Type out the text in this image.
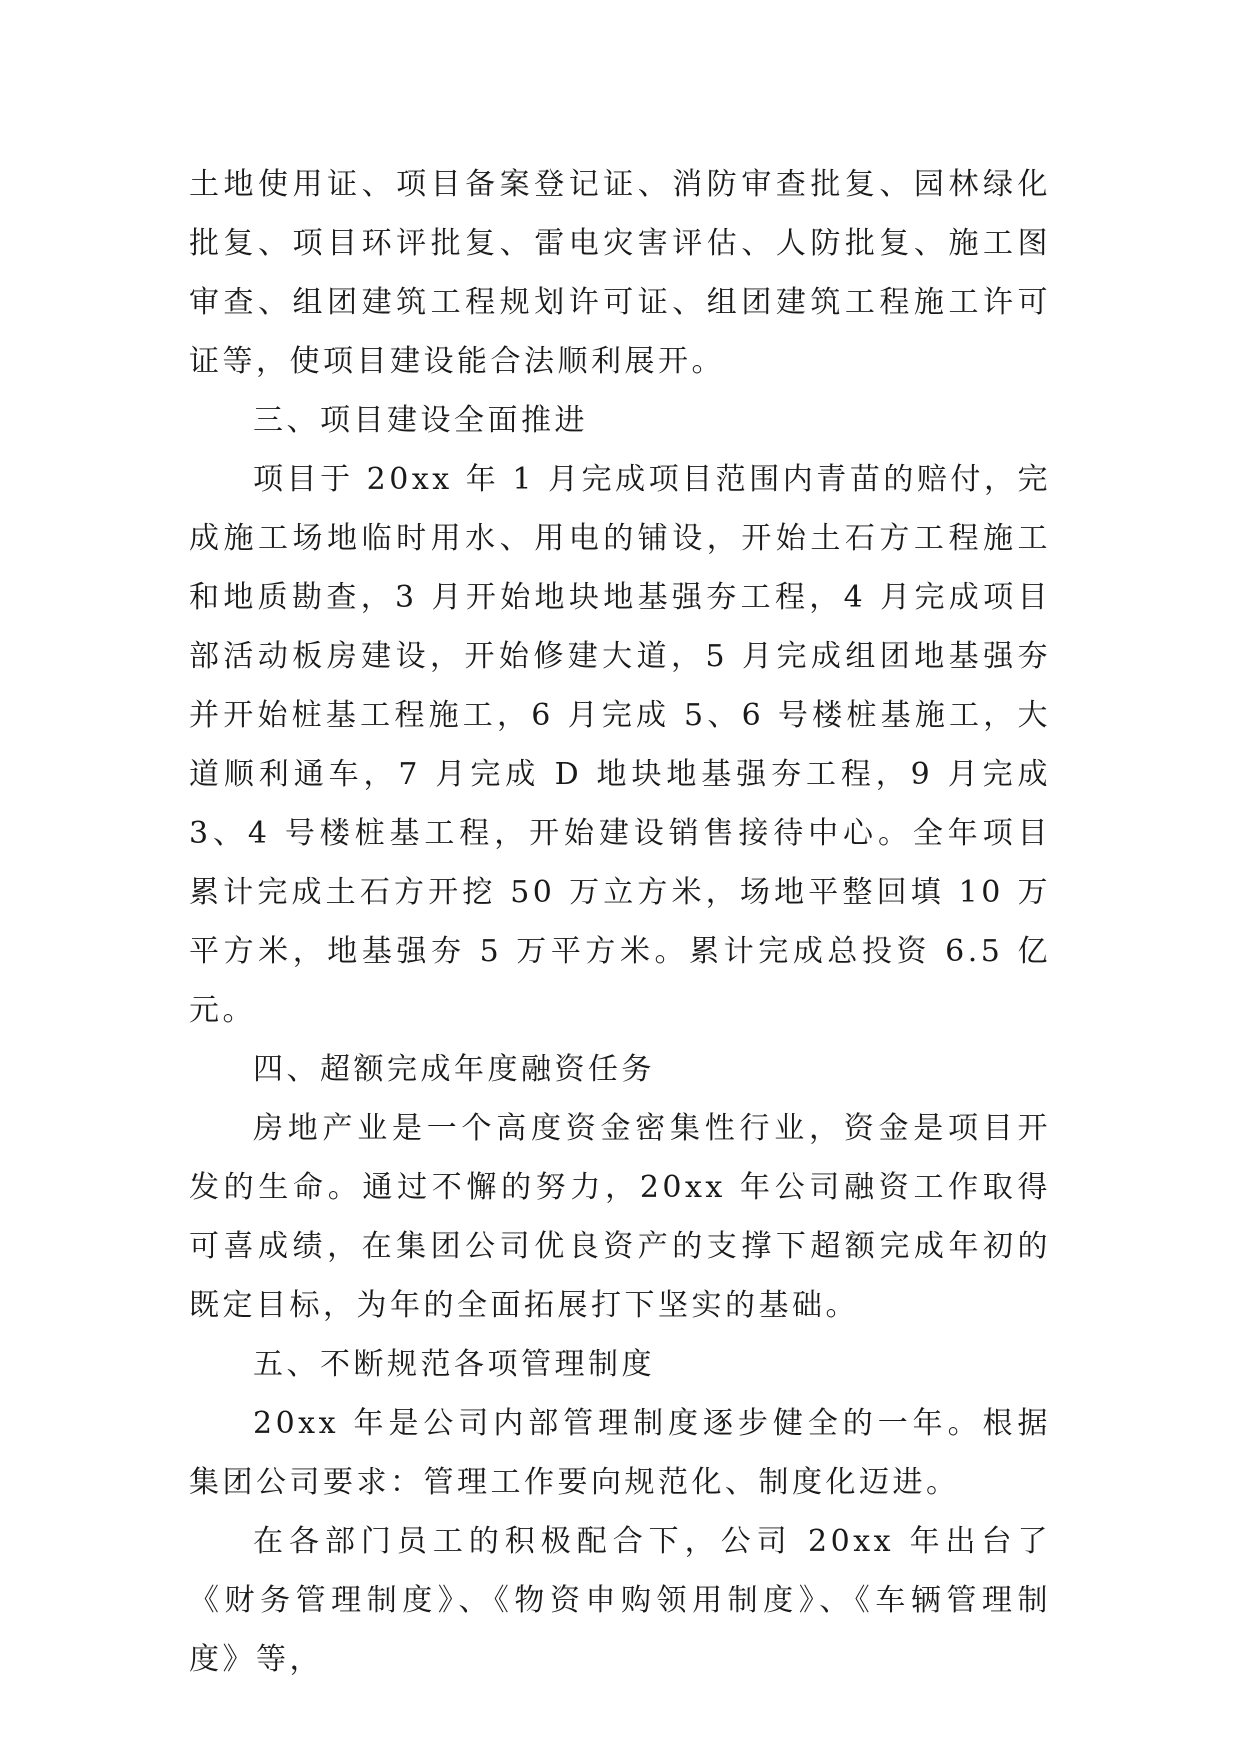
土地使用证、项目备案登记证、消防审查批复、园林绿化批复、项目环评批复、雷电灾害评估、人防批复、施工图审查、组团建筑工程规划许可证、组团建筑工程施工许可证等，使项目建设能合法顺利展开。

三、项目建设全面推进

项目于 20xx 年 1 月完成项目范围内青苗的赔付，完成施工场地临时用水、用电的铺设，开始土石方工程施工和地质勘查，3 月开始地块地基强夯工程，4 月完成项目部活动板房建设，开始修建大道，5 月完成组团地基强夯并开始桩基工程施工，6 月完成 5、6 号楼桩基施工，大道顺利通车，7 月完成 D 地块地基强夯工程，9 月完成 3、4 号楼桩基工程，开始建设销售接待中心。全年项目累计完成土石方开挖 50 万立方米，场地平整回填 10 万平方米，地基强夯 5 万平方米。累计完成总投资 6.5 亿元。

四、超额完成年度融资任务

房地产业是一个高度资金密集性行业，资金是项目开发的生命。通过不懈的努力，20xx 年公司融资工作取得可喜成绩，在集团公司优良资产的支撑下超额完成年初的既定目标，为年的全面拓展打下坚实的基础。

五、不断规范各项管理制度

20xx 年是公司内部管理制度逐步健全的一年。根据集团公司要求：管理工作要向规范化、制度化迈进。

在各部门员工的积极配合下，公司 20xx 年出台了《财务管理制度》、《物资申购领用制度》、《车辆管理制度》等，
